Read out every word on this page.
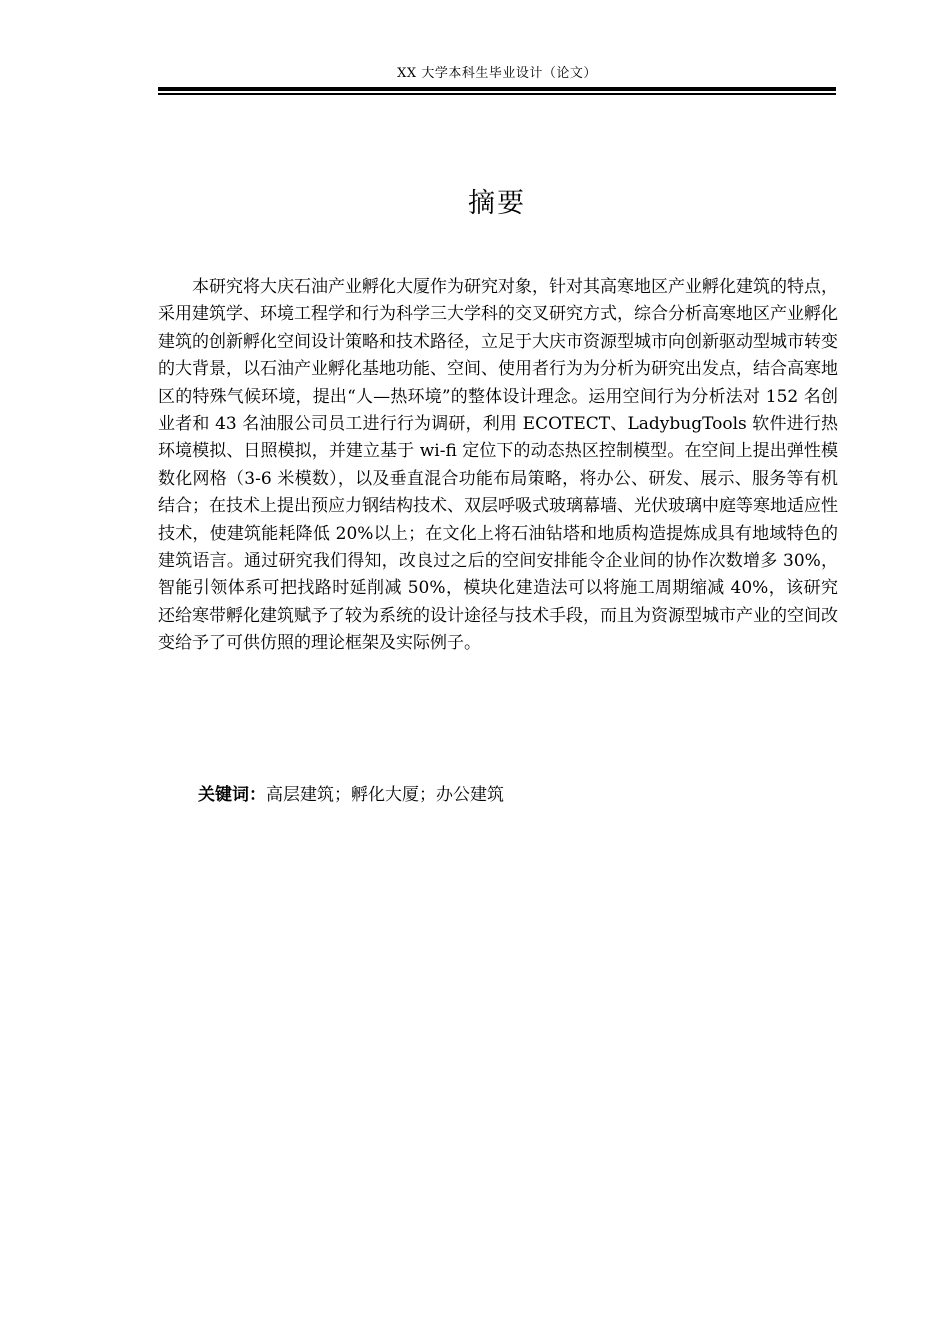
XX 大学本科生毕业设计（论文）
摘要

本研究将大庆石油产业孵化大厦作为研究对象，针对其高寒地区产业孵化建筑的特点，采用建筑学、环境工程学和行为科学三大学科的交叉研究方式，综合分析高寒地区产业孵化建筑的创新孵化空间设计策略和技术路径，立足于大庆市资源型城市向创新驱动型城市转变的大背景，以石油产业孵化基地功能、空间、使用者行为为分析为研究出发点，结合高寒地区的特殊气候环境，提出“人—热环境”的整体设计理念。运用空间行为分析法对 152 名创业者和 43 名油服公司员工进行行为调研，利用 ECOTECT、LadybugTools 软件进行热环境模拟、日照模拟，并建立基于 wi-fi 定位下的动态热区控制模型。在空间上提出弹性模数化网格（3-6 米模数），以及垂直混合功能布局策略，将办公、研发、展示、服务等有机结合；在技术上提出预应力钢结构技术、双层呼吸式玻璃幕墙、光伏玻璃中庭等寒地适应性技术，使建筑能耗降低 20%以上；在文化上将石油钻塔和地质构造提炼成具有地域特色的建筑语言。通过研究我们得知，改良过之后的空间安排能令企业间的协作次数增多 30%，智能引领体系可把找路时延削减 50%，模块化建造法可以将施工周期缩减 40%，该研究还给寒带孵化建筑赋予了较为系统的设计途径与技术手段，而且为资源型城市产业的空间改变给予了可供仿照的理论框架及实际例子。

关键词：高层建筑；孵化大厦；办公建筑
